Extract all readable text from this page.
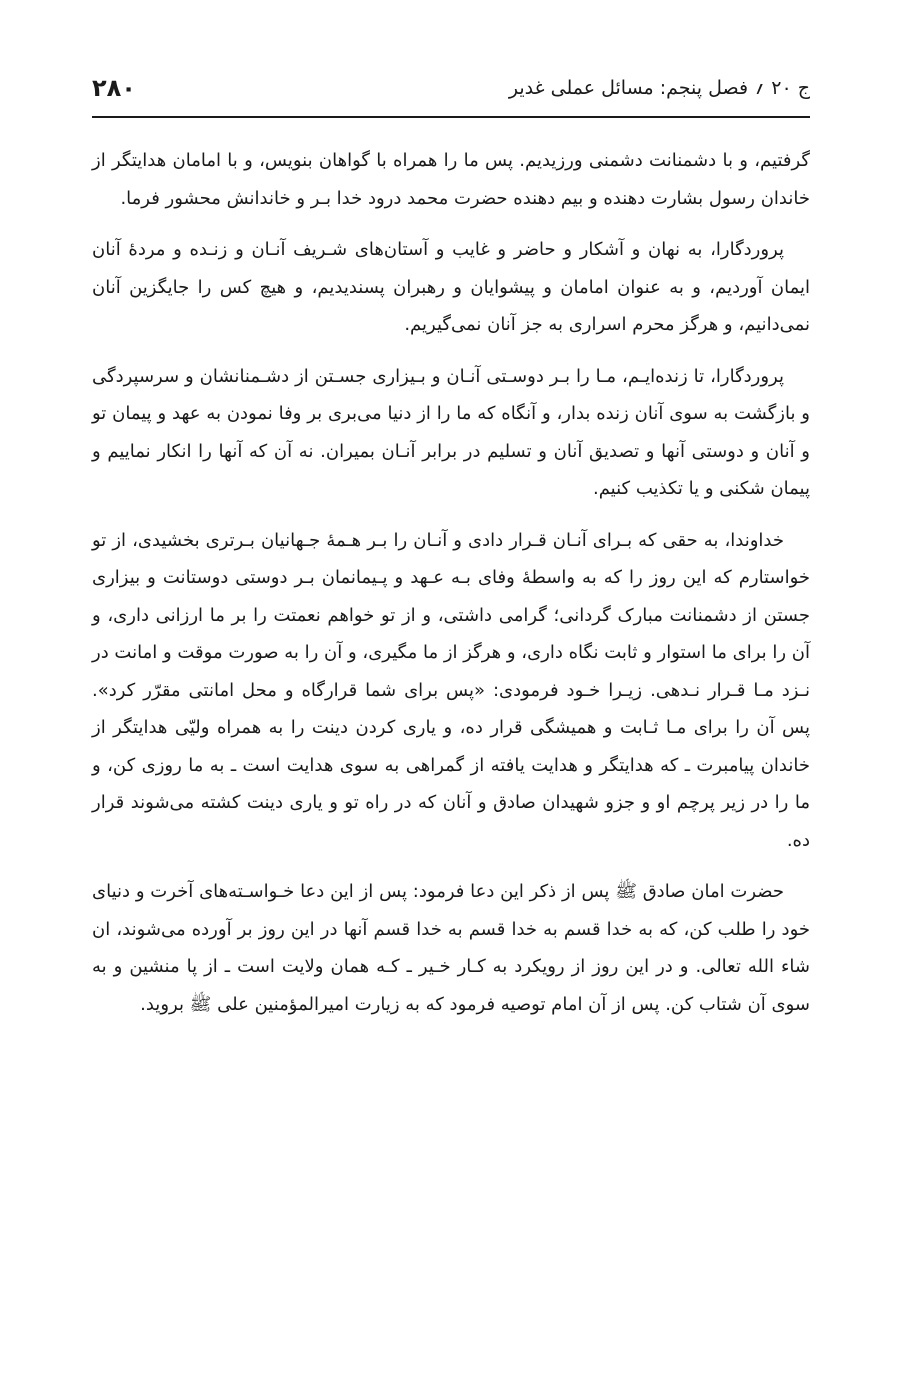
ج ۲۰ ؍ فصل پنجم: مسائل عملی غدیر
۲۸۰

گرفتیم، و با دشمنانت دشمنی ورزیدیم. پس ما را همراه با گواهان بنویس، و با امامان هدایتگر از خاندان رسول بشارت دهنده و بیم دهنده حضرت محمد درود خدا بـر و خاندانش محشور فرما.

پروردگارا، به نهان و آشکار و حاضر و غایب و آستان‌های شـریف آنـان و زنـده و مردهٔ آنان ایمان آوردیم، و به عنوان امامان و پیشوایان و رهبران پسندیدیم، و هیچ کس را جایگزین آنان نمی‌دانیم، و هرگز محرم اسراری به جز آنان نمی‌گیریم.

پروردگارا، تا زنده‌ایـم، مـا را بـر دوسـتی آنـان و بـیزاری جسـتن از دشـمنانشان و سرسپردگی و بازگشت به سوی آنان زنده بدار، و آنگاه که ما را از دنیا می‌بری بر وفا نمودن به عهد و پیمان تو و آنان و دوستی آنها و تصدیق آنان و تسلیم در برابر آنـان بمیران. نه آن که آنها را انکار نماییم و پیمان شکنی و یا تکذیب کنیم.

خداوندا، به حقی که بـرای آنـان قـرار دادی و آنـان را بـر هـمهٔ جـهانیان بـرتری بخشیدی، از تو خواستارم که این روز را که به واسطهٔ وفای بـه عـهد و پـیمانمان بـر دوستی دوستانت و بیزاری جستن از دشمنانت مبارک گردانی؛ گرامی داشتی، و از تو خواهم نعمتت را بر ما ارزانی داری، و آن را برای ما استوار و ثابت نگاه داری، و هرگز از ما مگیری، و آن را به صورت موقت و امانت در نـزد مـا قـرار نـدهی. زیـرا خـود فرمودی: «پس برای شما قرارگاه و محل امانتی مقرّر کرد». پس آن را برای مـا ثـابت و همیشگی قرار ده، و یاری کردن دینت را به همراه ولیّی هدایتگر از خاندان پیامبرت ـ که هدایتگر و هدایت یافته از گمراهی به سوی هدایت است ـ به ما روزی کن، و ما را در زیر پرچم او و جزو شهیدان صادق و آنان که در راه تو و یاری دینت کشته می‌شوند قرار ده.

حضرت امان صادق ﷺ پس از ذکر این دعا فرمود: پس از این دعا خـواسـته‌های آخرت و دنیای خود را طلب کن، که به خدا قسم به خدا قسم به خدا قسم آنها در این روز بر آورده می‌شوند، ان شاء الله تعالی. و در این روز از رویکرد به کـار خـیر ـ کـه همان ولایت است ـ از پا منشین و به سوی آن شتاب کن. پس از آن امام توصیه فرمود که به زیارت امیرالمؤمنین علی ﷺ بروید.
